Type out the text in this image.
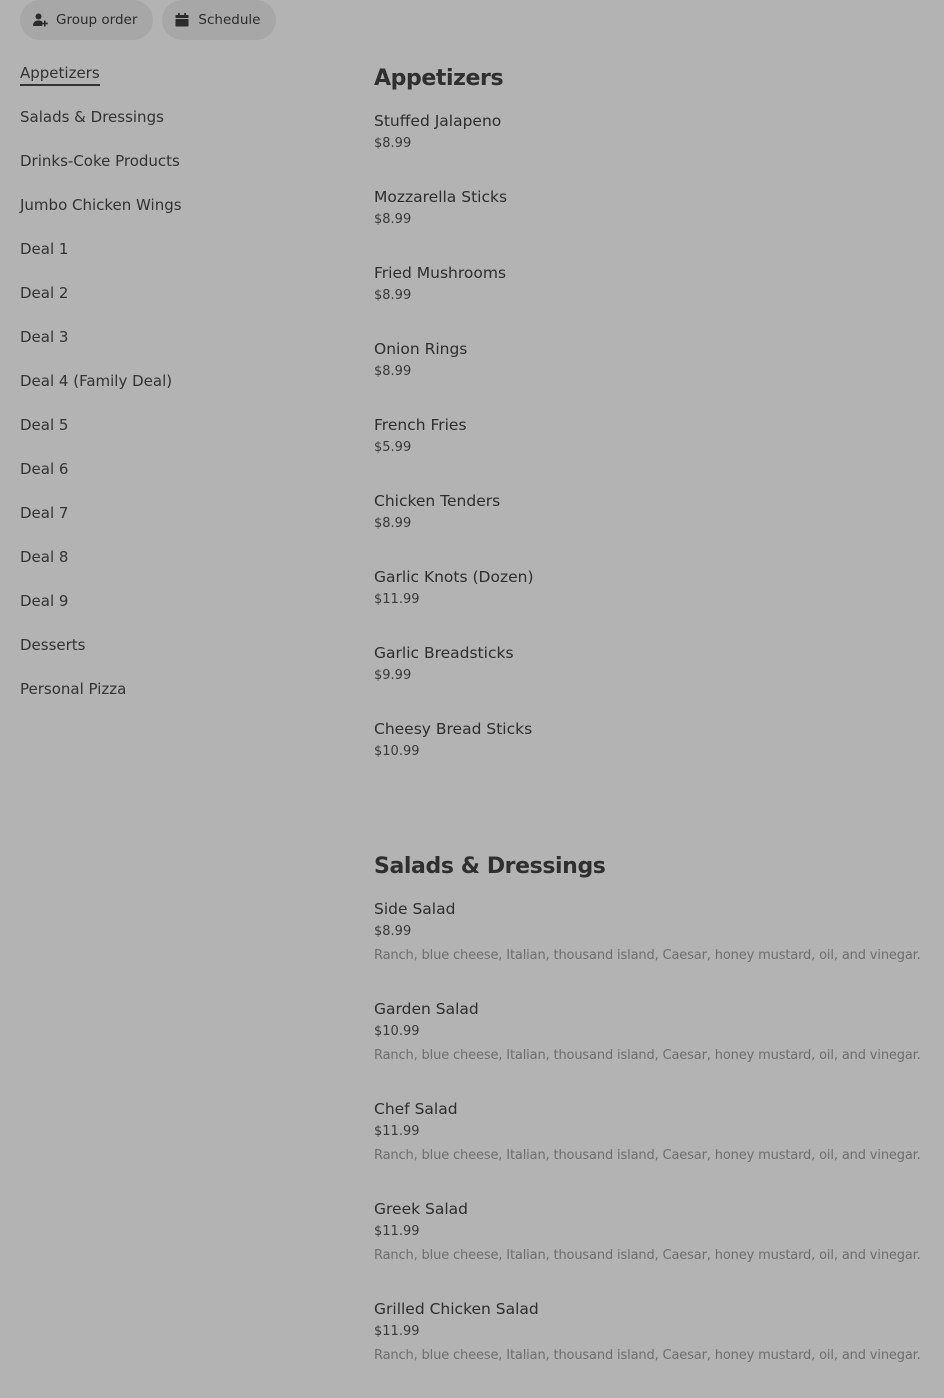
Group order	Schedule
Appetizers
Salads & Dressings
Drinks-Coke Products
Jumbo Chicken Wings
Deal 1
Deal 2
Deal 3
Deal 4 (Family Deal)
Deal 5
Deal 6
Deal 7
Deal 8
Deal 9
Desserts
Personal Pizza
Appetizers
Stuffed Jalapeno
$8.99
Mozzarella Sticks
$8.99
Fried Mushrooms
$8.99
Onion Rings
$8.99
French Fries
$5.99
Chicken Tenders
$8.99
Garlic Knots (Dozen)
$11.99
Garlic Breadsticks
$9.99
Cheesy Bread Sticks
$10.99
Salads & Dressings
Side Salad
$8.99
Ranch, blue cheese, Italian, thousand island, Caesar, honey mustard, oil, and vinegar.
Garden Salad
$10.99
Ranch, blue cheese, Italian, thousand island, Caesar, honey mustard, oil, and vinegar.
Chef Salad
$11.99
Ranch, blue cheese, Italian, thousand island, Caesar, honey mustard, oil, and vinegar.
Greek Salad
$11.99
Ranch, blue cheese, Italian, thousand island, Caesar, honey mustard, oil, and vinegar.
Grilled Chicken Salad
$11.99
Ranch, blue cheese, Italian, thousand island, Caesar, honey mustard, oil, and vinegar.
